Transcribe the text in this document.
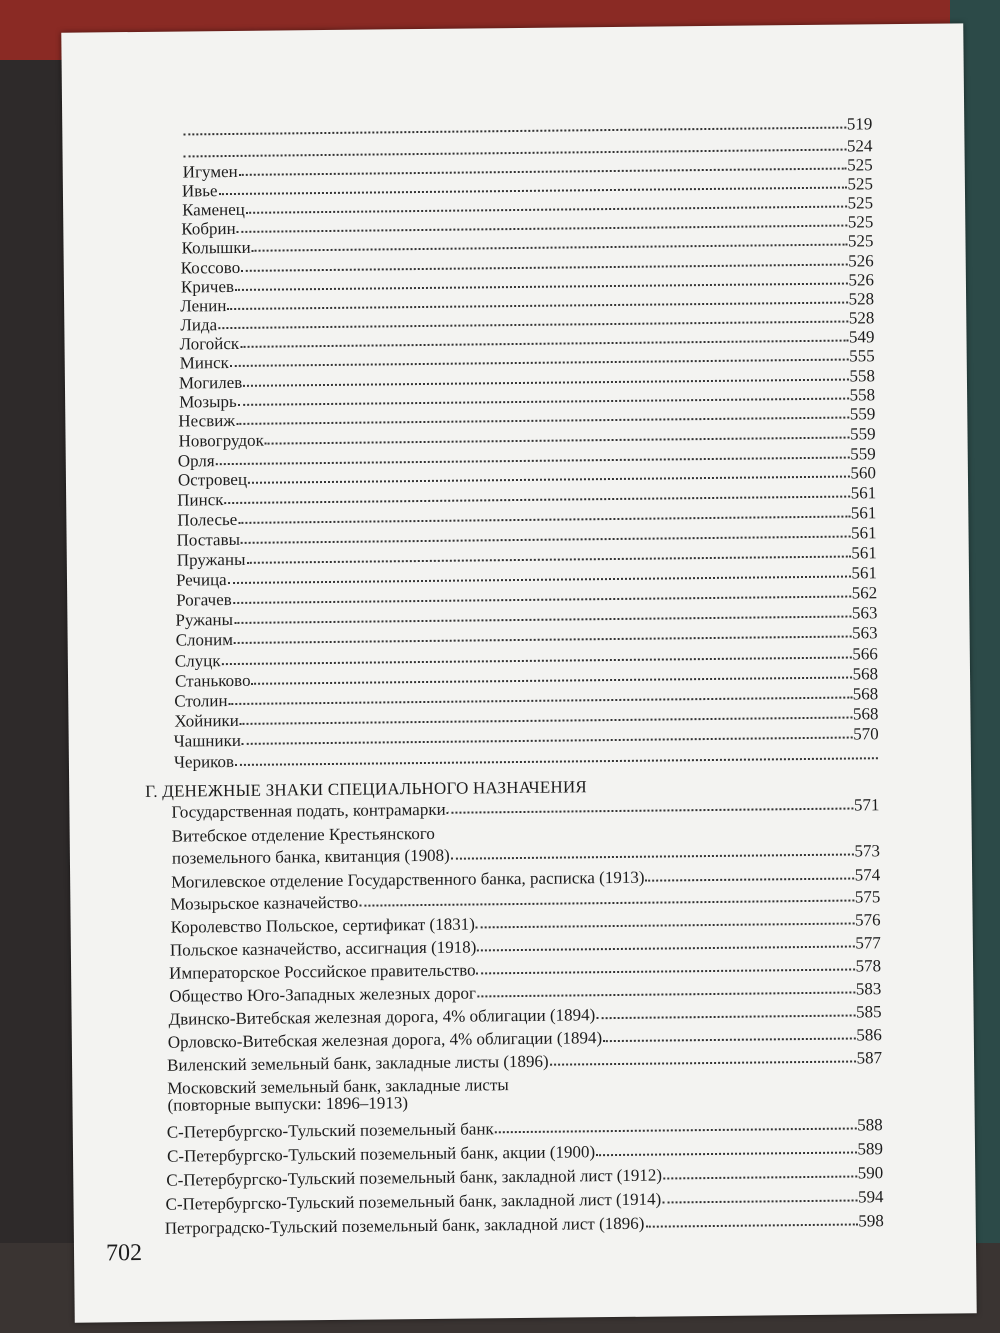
519
524
Игумен	525
Ивье	525
Каменец	525
Кобрин	525
Колышки	525
Коссово	526
Кричев	526
Ленин	528
Лида	528
Логойск	549
Минск	555
Могилев	558
Мозырь	558
Несвиж	559
Новогрудок	559
Орля	559
Островец	560
Пинск	561
Полесье	561
Поставы	561
Пружаны	561
Речица	561
Рогачев	562
Ружаны	563
Слоним	563
Слуцк	566
Станьково	568
Столин	568
Хойники	568
Чашники	570
Чериков
Г. ДЕНЕЖНЫЕ ЗНАКИ СПЕЦИАЛЬНОГО НАЗНАЧЕНИЯ
Государственная подать, контрамарки	571
Витебское отделение Крестьянского
поземельного банка, квитанция (1908)	573
Могилевское отделение Государственного банка, расписка (1913)	574
Мозырьское казначейство	575
Королевство Польское, сертификат (1831)	576
Польское казначейство, ассигнация (1918)	577
Императорское Российское правительство	578
Общество Юго-Западных железных дорог	583
Двинско-Витебская железная дорога, 4% облигации (1894)	585
Орловско-Витебская железная дорога, 4% облигации (1894)	586
Виленский земельный банк, закладные листы (1896)	587
Московский земельный банк, закладные листы
(повторные выпуски: 1896–1913)
С-Петербургско-Тульский поземельный банк	588
С-Петербургско-Тульский поземельный банк, акции (1900)	589
С-Петербургско-Тульский поземельный банк, закладной лист (1912)	590
С-Петербургско-Тульский поземельный банк, закладной лист (1914)	594
Петроградско-Тульский поземельный банк, закладной лист (1896)	598
702
